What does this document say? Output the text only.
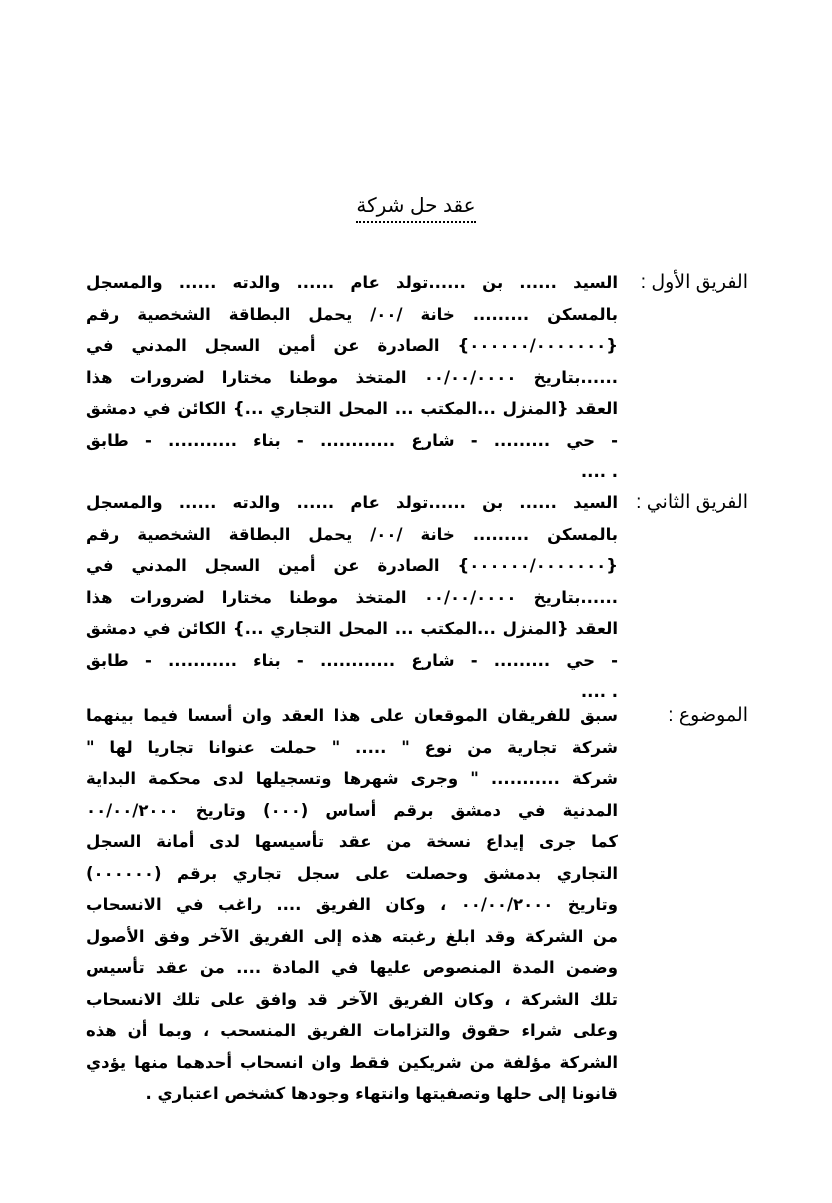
عقد حل شركة
الفريق الأول :
السيد ...... بن ......تولد عام ...... والدته ...... والمسجل
بالمسكن ......... خانة /٠٠/ يحمل البطاقة الشخصية رقم
{٠٠٠٠٠٠/٠٠٠٠٠٠٠} الصادرة عن أمين السجل المدني في
......بتاريخ ٠٠/٠٠/٠٠٠٠ المتخذ موطنا مختارا لضرورات هذا
العقد {المنزل ...المكتب ... المحل التجاري ...} الكائن في دمشق
- حي ......... - شارع ............ - بناء ........... - طابق
. ....
الفريق الثاني :
السيد ...... بن ......تولد عام ...... والدته ...... والمسجل
بالمسكن ......... خانة /٠٠/ يحمل البطاقة الشخصية رقم
{٠٠٠٠٠٠/٠٠٠٠٠٠٠} الصادرة عن أمين السجل المدني في
......بتاريخ ٠٠/٠٠/٠٠٠٠ المتخذ موطنا مختارا لضرورات هذا
العقد {المنزل ...المكتب ... المحل التجاري ...} الكائن في دمشق
- حي ......... - شارع ............ - بناء ........... - طابق
. ....
الموضوع :
سبق للفريقان الموقعان على هذا العقد وان أسسا فيما بينهما
شركة تجارية من نوع " ..... " حملت عنوانا تجاريا لها "
شركة ........... " وجرى شهرها وتسجيلها لدى محكمة البداية
المدنية في دمشق برقم أساس (٠٠٠) وتاريخ ٠٠/٠٠/٢٠٠٠
كما جرى إيداع نسخة من عقد تأسيسها لدى أمانة السجل
التجاري بدمشق وحصلت على سجل تجاري برقم (٠٠٠٠٠٠)
وتاريخ ٠٠/٠٠/٢٠٠٠ ، وكان الفريق .... راغب في الانسحاب
من الشركة وقد ابلغ رغبته هذه إلى الفريق الآخر وفق الأصول
وضمن المدة المنصوص عليها في المادة .... من عقد تأسيس
تلك الشركة ، وكان الفريق الآخر قد وافق على تلك الانسحاب
وعلى شراء حقوق والتزامات الفريق المنسحب ، وبما أن هذه
الشركة مؤلفة من شريكين فقط وان انسحاب أحدهما منها يؤدي
قانونا إلى حلها وتصفيتها وانتهاء وجودها كشخص اعتباري .
